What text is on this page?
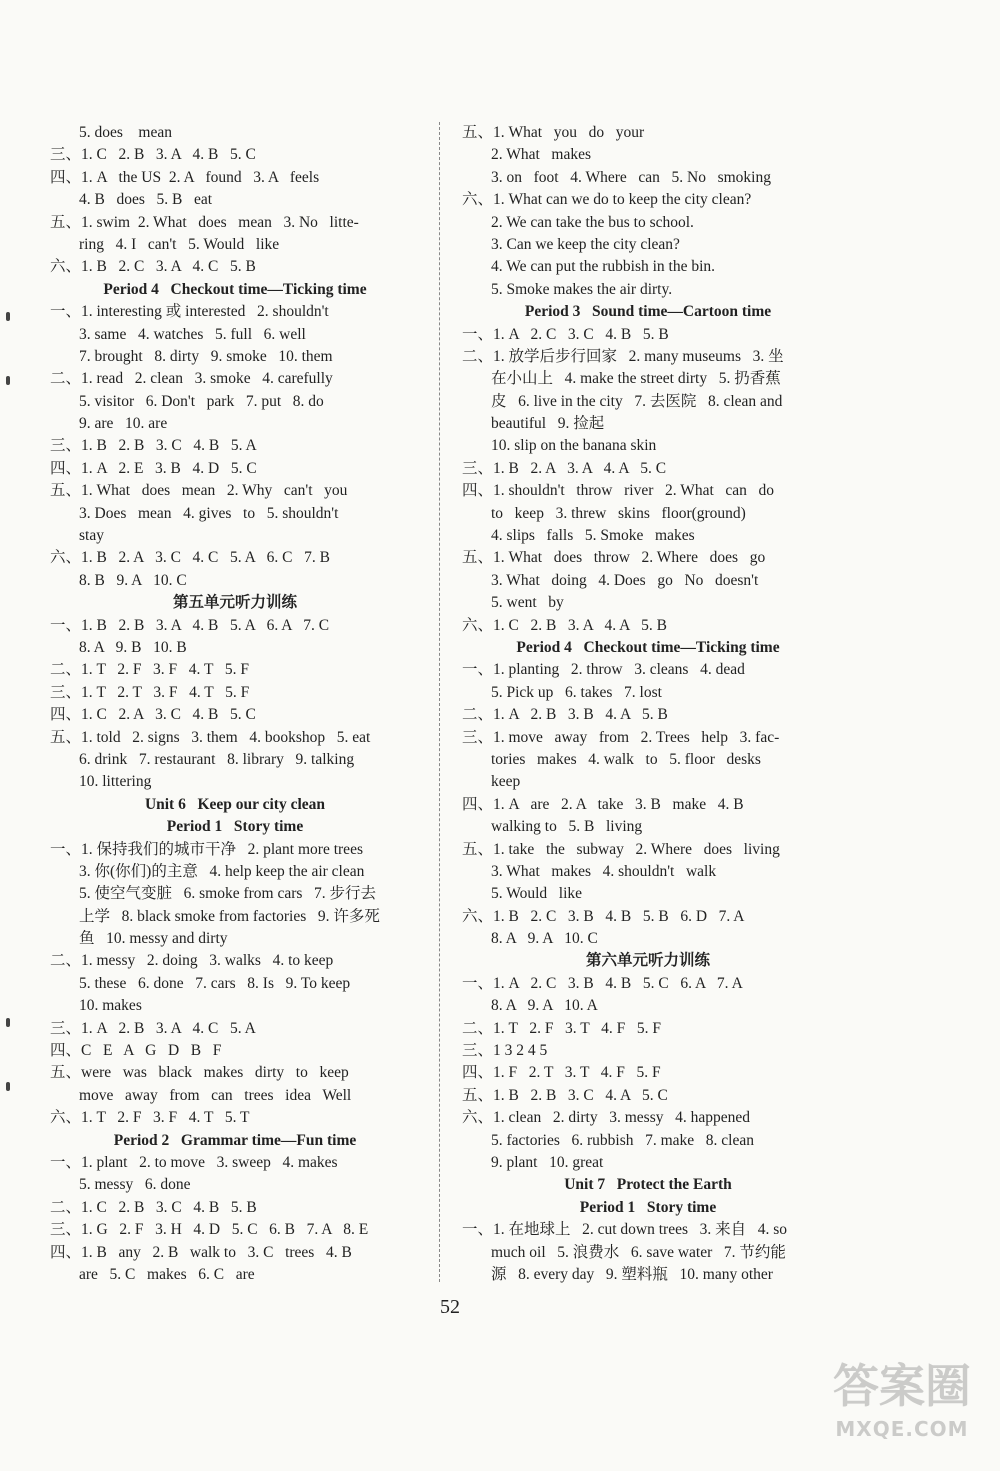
5. does    mean
三、1. C   2. B   3. A   4. B   5. C
四、1. A   the US  2. A   found   3. A   feels
4. B   does   5. B   eat
五、1. swim  2. What   does   mean   3. No   litte-
ring   4. I   can't   5. Would   like
六、1. B   2. C   3. A   4. C   5. B
Period 4   Checkout time—Ticking time
一、1. interesting 或 interested   2. shouldn't
3. same   4. watches   5. full   6. well
7. brought   8. dirty   9. smoke   10. them
二、1. read   2. clean   3. smoke   4. carefully
5. visitor   6. Don't   park   7. put   8. do
9. are   10. are
三、1. B   2. B   3. C   4. B   5. A
四、1. A   2. E   3. B   4. D   5. C
五、1. What   does   mean   2. Why   can't   you
3. Does   mean   4. gives   to   5. shouldn't
stay
六、1. B   2. A   3. C   4. C   5. A   6. C   7. B
8. B   9. A   10. C
第五单元听力训练
一、1. B   2. B   3. A   4. B   5. A   6. A   7. C
8. A   9. B   10. B
二、1. T   2. F   3. F   4. T   5. F
三、1. T   2. T   3. F   4. T   5. F
四、1. C   2. A   3. C   4. B   5. C
五、1. told   2. signs   3. them   4. bookshop   5. eat
6. drink   7. restaurant   8. library   9. talking
10. littering
Unit 6   Keep our city clean
Period 1   Story time
一、1. 保持我们的城市干净   2. plant more trees
3. 你(你们)的主意   4. help keep the air clean
5. 使空气变脏   6. smoke from cars   7. 步行去
上学   8. black smoke from factories   9. 许多死
鱼   10. messy and dirty
二、1. messy   2. doing   3. walks   4. to keep
5. these   6. done   7. cars   8. Is   9. To keep
10. makes
三、1. A   2. B   3. A   4. C   5. A
四、C   E   A   G   D   B   F
五、were   was   black   makes   dirty   to   keep
move   away   from   can   trees   idea   Well
六、1. T   2. F   3. F   4. T   5. T
Period 2   Grammar time—Fun time
一、1. plant   2. to move   3. sweep   4. makes
5. messy   6. done
二、1. C   2. B   3. C   4. B   5. B
三、1. G   2. F   3. H   4. D   5. C   6. B   7. A   8. E
四、1. B   any   2. B   walk to   3. C   trees   4. B
are   5. C   makes   6. C   are
五、1. What   you   do   your
2. What   makes
3. on   foot   4. Where   can   5. No   smoking
六、1. What can we do to keep the city clean?
2. We can take the bus to school.
3. Can we keep the city clean?
4. We can put the rubbish in the bin.
5. Smoke makes the air dirty.
Period 3   Sound time—Cartoon time
一、1. A   2. C   3. C   4. B   5. B
二、1. 放学后步行回家   2. many museums   3. 坐
在小山上   4. make the street dirty   5. 扔香蕉
皮   6. live in the city   7. 去医院   8. clean and
beautiful   9. 捡起
10. slip on the banana skin
三、1. B   2. A   3. A   4. A   5. C
四、1. shouldn't   throw   river   2. What   can   do
to   keep   3. threw   skins   floor(ground)
4. slips   falls   5. Smoke   makes
五、1. What   does   throw   2. Where   does   go
3. What   doing   4. Does   go   No   doesn't
5. went   by
六、1. C   2. B   3. A   4. A   5. B
Period 4   Checkout time—Ticking time
一、1. planting   2. throw   3. cleans   4. dead
5. Pick up   6. takes   7. lost
二、1. A   2. B   3. B   4. A   5. B
三、1. move   away   from   2. Trees   help   3. fac-
tories   makes   4. walk   to   5. floor   desks
keep
四、1. A   are   2. A   take   3. B   make   4. B
walking to   5. B   living
五、1. take   the   subway   2. Where   does   living
3. What   makes   4. shouldn't   walk
5. Would   like
六、1. B   2. C   3. B   4. B   5. B   6. D   7. A
8. A   9. A   10. C
第六单元听力训练
一、1. A   2. C   3. B   4. B   5. C   6. A   7. A
8. A   9. A   10. A
二、1. T   2. F   3. T   4. F   5. F
三、1 3 2 4 5
四、1. F   2. T   3. T   4. F   5. F
五、1. B   2. B   3. C   4. A   5. C
六、1. clean   2. dirty   3. messy   4. happened
5. factories   6. rubbish   7. make   8. clean
9. plant   10. great
Unit 7   Protect the Earth
Period 1   Story time
一、1. 在地球上   2. cut down trees   3. 来自   4. so
much oil   5. 浪费水   6. save water   7. 节约能
源   8. every day   9. 塑料瓶   10. many other
52
答案圈
MXQE.COM
